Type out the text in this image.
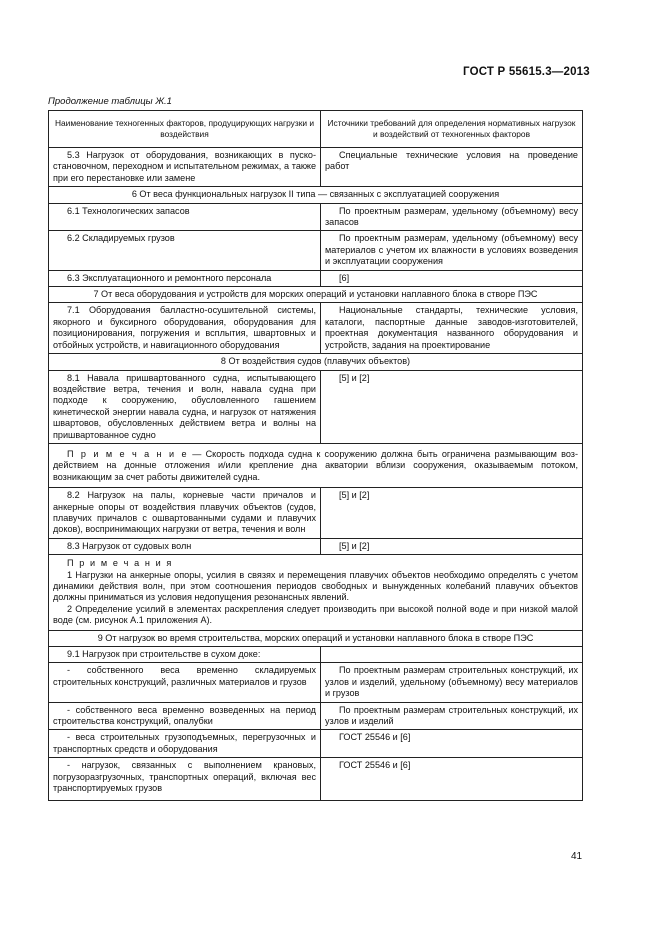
ГОСТ Р 55615.3—2013
Продолжение таблицы Ж.1
Наименование техногенных факторов, продуцирующих нагрузки и воздействия	Источники требований для определения нормативных нагрузок и воздействий от техногенных факторов

5.3 Нагрузок от оборудования, возникающих в пускостановочном, переходном и испытательном режимах, а также при его перестановке или замене	Специальные технические условия на проведение работ

6 От веса функциональных нагрузок II типа — связанных с эксплуатацией сооружения	

6.1 Технологических запасов	По проектным размерам, удельному (объемному) весу запасов

6.2 Складируемых грузов	По проектным размерам, удельному (объемному) весу материалов с учетом их влажности в условиях возведения и эксплуатации сооружения

6.3 Эксплуатационного и ремонтного персонала	[6]

7 От веса оборудования и устройств для морских операций и установки наплавного блока в створе ПЭС	

7.1 Оборудования балластно-осушительной системы, якорного и буксирного оборудования, оборудования для позиционирования, погружения и всплытия, швартовных и отбойных устройств, и навигационного оборудования	Национальные стандарты, технические условия, каталоги, паспортные данные заводов-изготовителей, проектная документация названного оборудования и устройств, задания на проектирование

8 От воздействия судов (плавучих объектов)	

8.1 Навала пришвартованного судна, испытывающего воздействие ветра, течения и волн, навала судна при подходе к сооружению, обусловленного гашением кинетической энергии навала судна, и нагрузок от натяжения швартовов, обусловленных действием ветра и волны на пришвартованное судно	[5] и [2]

П р и м е ч а н и е — Скорость подхода судна к сооружению должна быть ограничена размывающим воздействием на донные отложения и/или крепление дна акватории вблизи сооружения, оказываемым потоком, возникающим за счет работы движителей судна.	

8.2 Нагрузок на палы, корневые части причалов и анкерные опоры от воздействия плавучих объектов (судов, плавучих причалов с ошвартованными судами и плавучих доков), воспринимающих нагрузки от ветра, течения и волн	[5] и [2]

8.3 Нагрузок от судовых волн	[5] и [2]

П р и м е ч а н и я
1 Нагрузки на анкерные опоры, усилия в связях и перемещения плавучих объектов необходимо определять с учетом динамики действия волн, при этом соотношения периодов свободных и вынужденных колебаний плавучих объектов должны приниматься из условия недопущения резонансных явлений.
2 Определение усилий в элементах раскрепления следует производить при высокой полной воде и при низкой малой воде (см. рисунок А.1 приложения А).	

9 От нагрузок во время строительства, морских операций и установки наплавного блока в створе ПЭС	

9.1 Нагрузок при строительстве в сухом доке:	

- собственного веса временно складируемых строительных конструкций, различных материалов и грузов	По проектным размерам строительных конструкций, их узлов и изделий, удельному (объемному) весу материалов и грузов

- собственного веса временно возведенных на период строительства конструкций, опалубки	По проектным размерам строительных конструкций, их узлов и изделий

- веса строительных грузоподъемных, перегрузочных и транспортных средств и оборудования	ГОСТ 25546 и [6]

- нагрузок, связанных с выполнением крановых, погрузоразгрузочных, транспортных операций, включая вес транспортируемых грузов	ГОСТ 25546 и [6]
41
